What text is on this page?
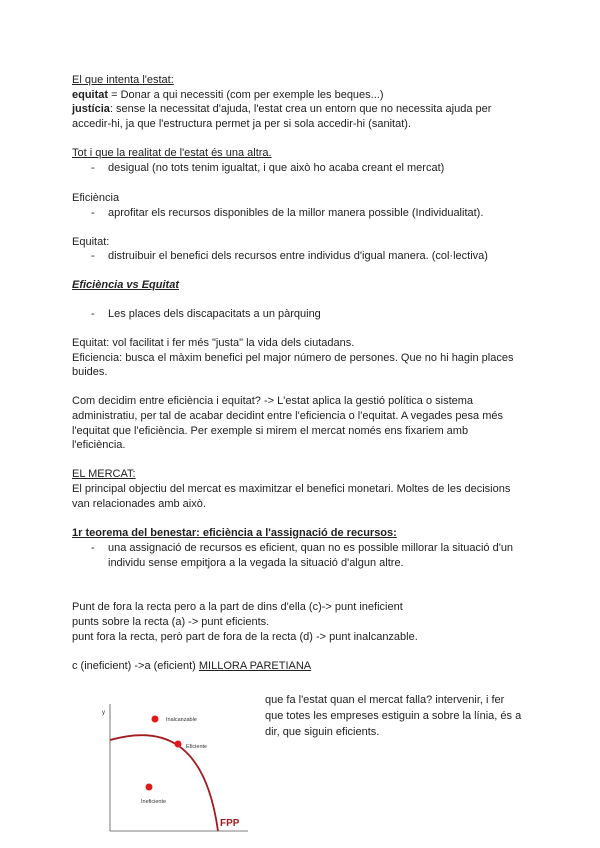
El que intenta l'estat:
equitat = Donar a qui necessiti (com per exemple les beques...)
justícia: sense la necessitat d'ajuda, l'estat crea un entorn que no necessita ajuda per
accedir-hi, ja que l'estructura permet ja per si sola accedir-hi (sanitat).
Tot i que la realitat de l'estat és una altra.
- desigual (no tots tenim igualtat, i que això ho acaba creant el mercat)
Eficiència
- aprofitar els recursos disponibles de la millor manera possible (Individualitat).
Equitat:
- distruibuir el benefici dels recursos entre individus d'igual manera. (col·lectiva)
Eficiència vs Equitat
- Les places dels discapacitats a un pàrquing
Equitat: vol facilitat i fer més "justa" la vida dels ciutadans.
Eficiencia: busca el màxim benefici pel major número de persones. Que no hi hagin places
buides.
Com decidim entre eficiència i equitat? -> L'estat aplica la gestió política o sistema
administratiu, per tal de acabar decidint entre l'eficiencia o l'equitat. A vegades pesa més
l'equitat que l'eficiència. Per exemple si mirem el mercat només ens fixariem amb
l'eficiència.
EL MERCAT:
El principal objectiu del mercat es maximitzar el benefici monetari. Moltes de les decisions
van relacionades amb això.
1r teorema del benestar: eficiència a l'assignació de recursos:
- una assignació de recursos es eficient, quan no es possible millorar la situació d'un
individu sense empitjora a la vegada la situació d'algun altre.
Punt de fora la recta pero a la part de dins d'ella (c)-> punt ineficient
punts sobre la recta (a) -> punt eficients.
punt fora la recta, però part de fora de la recta (d) -> punt inalcanzable.
c (ineficient) ->a (eficient) MILLORA PARETIANA
que fa l'estat quan el mercat falla? intervenir, i fer
que totes les empreses estiguin a sobre la línia, és a
dir, que siguin eficients.
y
Inalcanzable
Eficiente
Ineficiente
FPP
